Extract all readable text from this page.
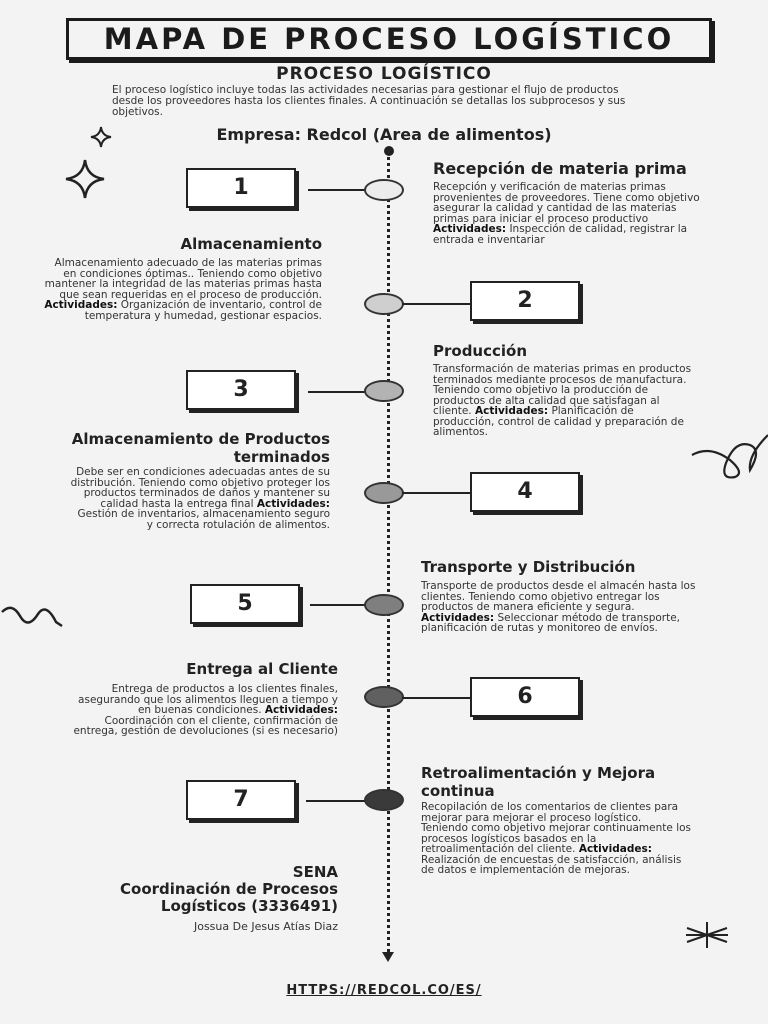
MAPA DE PROCESO LOGÍSTICO
PROCESO LOGÍSTICO
El proceso logístico incluye todas las actividades necesarias para gestionar el flujo de productos desde los proveedores hasta los clientes finales. A continuación se detallas los subprocesos y sus objetivos.
Empresa: Redcol (Area de alimentos)
1
Recepción de materia prima
Recepción y verificación de materias primas provenientes de proveedores. Tiene como objetivo asegurar la calidad y cantidad de las materias primas para iniciar el proceso productivo Actividades: Inspección de calidad, registrar la entrada e inventariar
Almacenamiento
Almacenamiento adecuado de las materias primas en condiciones óptimas.. Teniendo como objetivo mantener la integridad de las materias primas hasta que sean requeridas en el proceso de producción. Actividades: Organización de inventario, control de temperatura y humedad, gestionar espacios.
2
3
Producción
Transformación de materias primas en productos terminados mediante procesos de manufactura. Teniendo como objetivo la producción de productos de alta calidad que satisfagan al cliente. Actividades: Planificación de producción, control de calidad y preparación de alimentos.
Almacenamiento de Productos terminados
Debe ser en condiciones adecuadas antes de su distribución. Teniendo como objetivo proteger los productos terminados de daños y mantener su calidad hasta la entrega final Actividades: Gestión de inventarios, almacenamiento seguro y correcta rotulación de alimentos.
4
5
Transporte y Distribución
Transporte de productos desde el almacén hasta los clientes. Teniendo como objetivo entregar los productos de manera eficiente y segura. Actividades: Seleccionar método de transporte, planificación de rutas y monitoreo de envíos.
Entrega al Cliente
Entrega de productos a los clientes finales, asegurando que los alimentos lleguen a tiempo y en buenas condiciones. Actividades: Coordinación con el cliente, confirmación de entrega, gestión de devoluciones (si es necesario)
6
7
Retroalimentación y Mejora continua
Recopilación de los comentarios de clientes para mejorar para mejorar el proceso logístico. Teniendo como objetivo mejorar continuamente los procesos logísticos basados en la retroalimentación del cliente. Actividades: Realización de encuestas de satisfacción, análisis de datos e implementación de mejoras.
SENA
Coordinación de Procesos Logísticos (3336491)
Jossua De Jesus Atías Diaz
HTTPS://REDCOL.CO/ES/
